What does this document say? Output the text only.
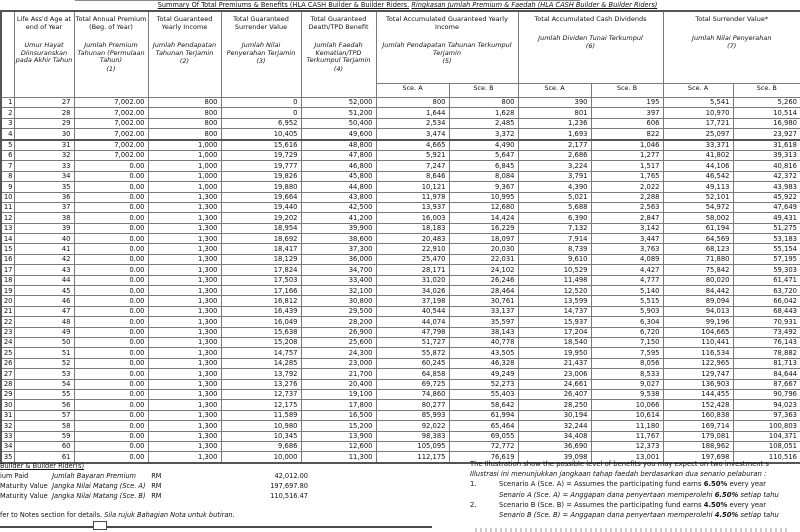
Summary Of Total Premiums & Benefits (HLA CASH Builder & Builder Riders. Ringkasan Jumlah Premium & Faedah (HLA CASH Builder & Builder Riders)

Life Ass'd Age at end of Year
Umur Hayat Diinsuranskan pada Akhir Tahun

Total Annual Premium (Beg. of Year)
Jumlah Premium Tahunan (Permulaan Tahun)
(1)

Total Guaranteed Yearly Income
Jumlah Pendapatan Tahunan Terjamin
(2)

Total Guaranteed Surrender Value
Jumlah Nilai Penyerahan Terjamin
(3)

Total Guaranteed Death/TPD Benefit
Jumlah Faedah Kematian/TPD Terkumpul Terjamin
(4)

Total Accumulated Guaranteed Yearly Income
Jumlah Pendapatan Tahunan Terkumpul Terjamin
(5)

Total Accumulated Cash Dividends
Jumlah Dividen Tunai Terkumpul
(6)

Total Surrender Value*
Jumlah Nilai Penyerahan
(7)

						Sce. A	Sce. B	Sce. A	Sce. B	Sce. A	Sce. B
1	27	7,002.00	800	0	52,000	800	800	390	195	5,541	5,260
2	28	7,002.00	800	0	51,200	1,644	1,628	801	397	10,970	10,514
3	29	7,002.00	800	6,952	50,400	2,534	2,485	1,236	606	17,721	16,980
4	30	7,002.00	800	10,405	49,600	3,474	3,372	1,693	822	25,097	23,927
5	31	7,002.00	1,000	15,616	48,800	4,665	4,490	2,177	1,046	33,371	31,618
6	32	7,002.00	1,000	19,729	47,800	5,921	5,647	2,686	1,277	41,802	39,313
7	33	0.00	1,000	19,777	46,800	7,247	6,845	3,224	1,517	44,106	40,816
8	34	0.00	1,000	19,826	45,800	8,646	8,084	3,791	1,765	46,542	42,372
9	35	0.00	1,000	19,880	44,800	10,121	9,367	4,390	2,022	49,113	43,983
10	36	0.00	1,300	19,664	43,800	11,978	10,995	5,021	2,288	52,101	45,922
11	37	0.00	1,300	19,440	42,500	13,937	12,680	5,688	2,563	54,972	47,649
12	38	0.00	1,300	19,202	41,200	16,003	14,424	6,390	2,847	58,002	49,431
13	39	0.00	1,300	18,954	39,900	18,183	16,229	7,132	3,142	61,194	51,275
14	40	0.00	1,300	18,692	38,600	20,483	18,097	7,914	3,447	64,569	53,183
15	41	0.00	1,300	18,417	37,300	22,910	20,030	8,739	3,763	68,123	55,154
16	42	0.00	1,300	18,129	36,000	25,470	22,031	9,610	4,089	71,880	57,195
17	43	0.00	1,300	17,824	34,700	28,171	24,102	10,529	4,427	75,842	59,303
18	44	0.00	1,300	17,503	33,400	31,020	26,246	11,498	4,777	80,020	61,471
19	45	0.00	1,300	17,166	32,100	34,026	28,464	12,520	5,140	84,442	63,720
20	46	0.00	1,300	16,812	30,800	37,198	30,761	13,599	5,515	89,094	66,042
21	47	0.00	1,300	16,439	29,500	40,544	33,137	14,737	5,903	94,013	68,443
22	48	0.00	1,300	16,049	28,200	44,074	35,597	15,937	6,304	99,196	70,931
23	49	0.00	1,300	15,638	26,900	47,798	38,143	17,204	6,720	104,665	73,492
24	50	0.00	1,300	15,208	25,600	51,727	40,778	18,540	7,150	110,441	76,143
25	51	0.00	1,300	14,757	24,300	55,872	43,505	19,950	7,595	116,534	78,882
26	52	0.00	1,300	14,285	23,000	60,245	46,328	21,437	8,056	122,965	81,713
27	53	0.00	1,300	13,792	21,700	64,858	49,249	23,006	8,533	129,747	84,644
28	54	0.00	1,300	13,276	20,400	69,725	52,273	24,661	9,027	136,903	87,667
29	55	0.00	1,300	12,737	19,100	74,860	55,403	26,407	9,538	144,455	90,796
30	56	0.00	1,300	12,175	17,800	80,277	58,642	28,250	10,066	152,428	94,023
31	57	0.00	1,300	11,589	16,500	85,993	61,994	30,194	10,614	160,838	97,363
32	58	0.00	1,300	10,980	15,200	92,022	65,464	32,244	11,180	169,714	100,803
33	59	0.00	1,300	10,345	13,900	98,383	69,055	34,408	11,767	179,081	104,371
34	60	0.00	1,300	9,686	12,600	105,095	72,772	36,690	12,373	188,962	108,051
35	61	0.00	1,300	10,000	11,300	112,175	76,619	39,098	13,001	197,698	110,516
Builder & Builder Rider(s)
ium Paid	Jumlah Bayaran Premium RM	42,012.00
Maturity Value Jangka Nilai Matang (Sce. A) RM	197,697.80
Maturity Value Jangka Nilai Matang (Sce. B) RM	110,516.47
fer to Notes section for details. Sila rujuk Bahagian Nota untuk butiran.
The Illustration show the possible level of benefits you may expect on two investment s
Illustrasi ini menunjukkan jangkaan tahap faedah berdasarkan dua senario pelaburan :
1.	Scenario A (Sce. A) = Assumes the participating fund earns 6.50% every year
Senario A (Sce. A) = Anggapan dana penyertaan memperolehi 6.50% setiap tahu
2.	Scenario B (Sce. B) = Assumes the participating fund earns 4.50% every year
Senario B (Sce. B) = Anggapan dana penyertaan memperolehi 4.50% setiap tahu
